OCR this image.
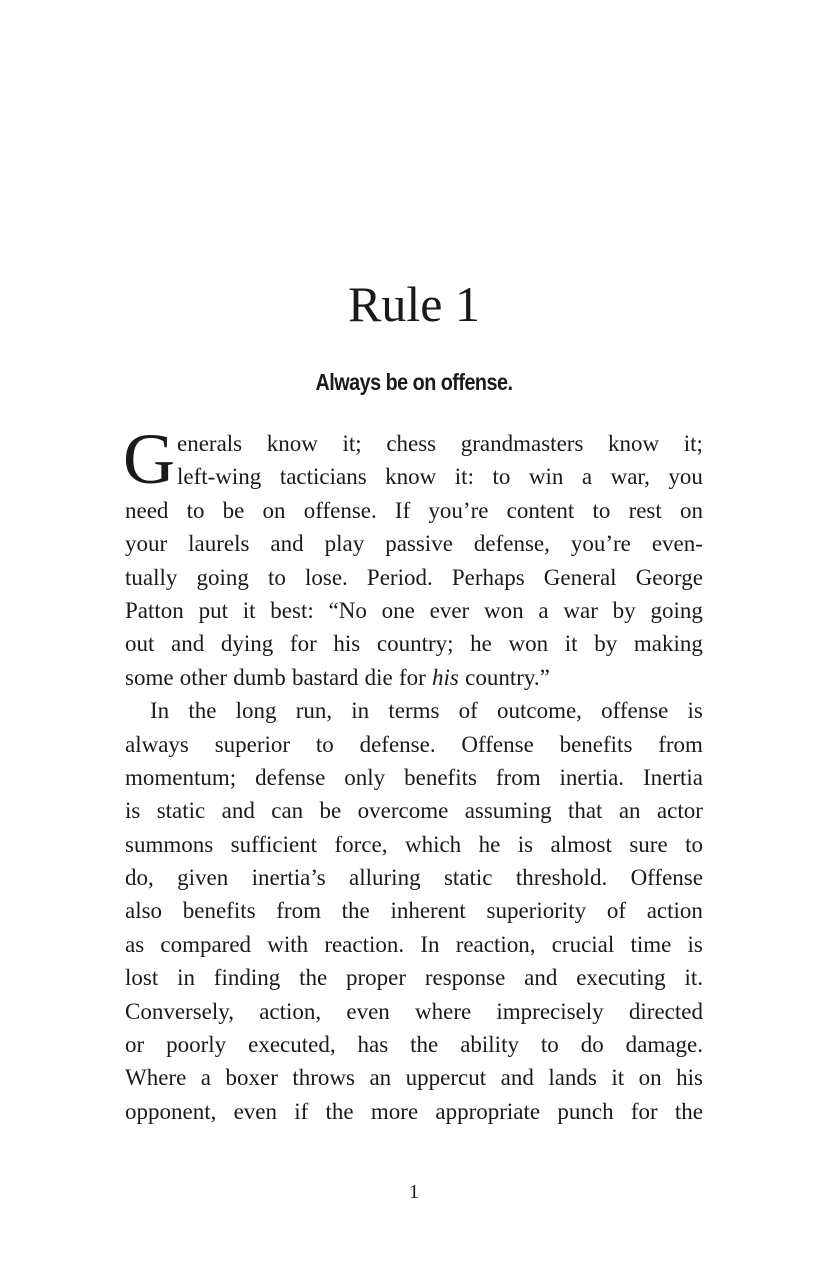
Rule 1
Always be on offense.
G enerals know it; chess grandmasters know it;
left-wing tacticians know it: to win a war, you
need to be on offense. If you’re content to rest on
your laurels and play passive defense, you’re even-
tually going to lose. Period. Perhaps General George
Patton put it best: “No one ever won a war by going
out and dying for his country; he won it by making
some other dumb bastard die for his country.”
In the long run, in terms of outcome, offense is
always superior to defense. Offense benefits from
momentum; defense only benefits from inertia. Inertia
is static and can be overcome assuming that an actor
summons sufficient force, which he is almost sure to
do, given inertia’s alluring static threshold. Offense
also benefits from the inherent superiority of action
as compared with reaction. In reaction, crucial time is
lost in finding the proper response and executing it.
Conversely, action, even where imprecisely directed
or poorly executed, has the ability to do damage.
Where a boxer throws an uppercut and lands it on his
opponent, even if the more appropriate punch for the
1
